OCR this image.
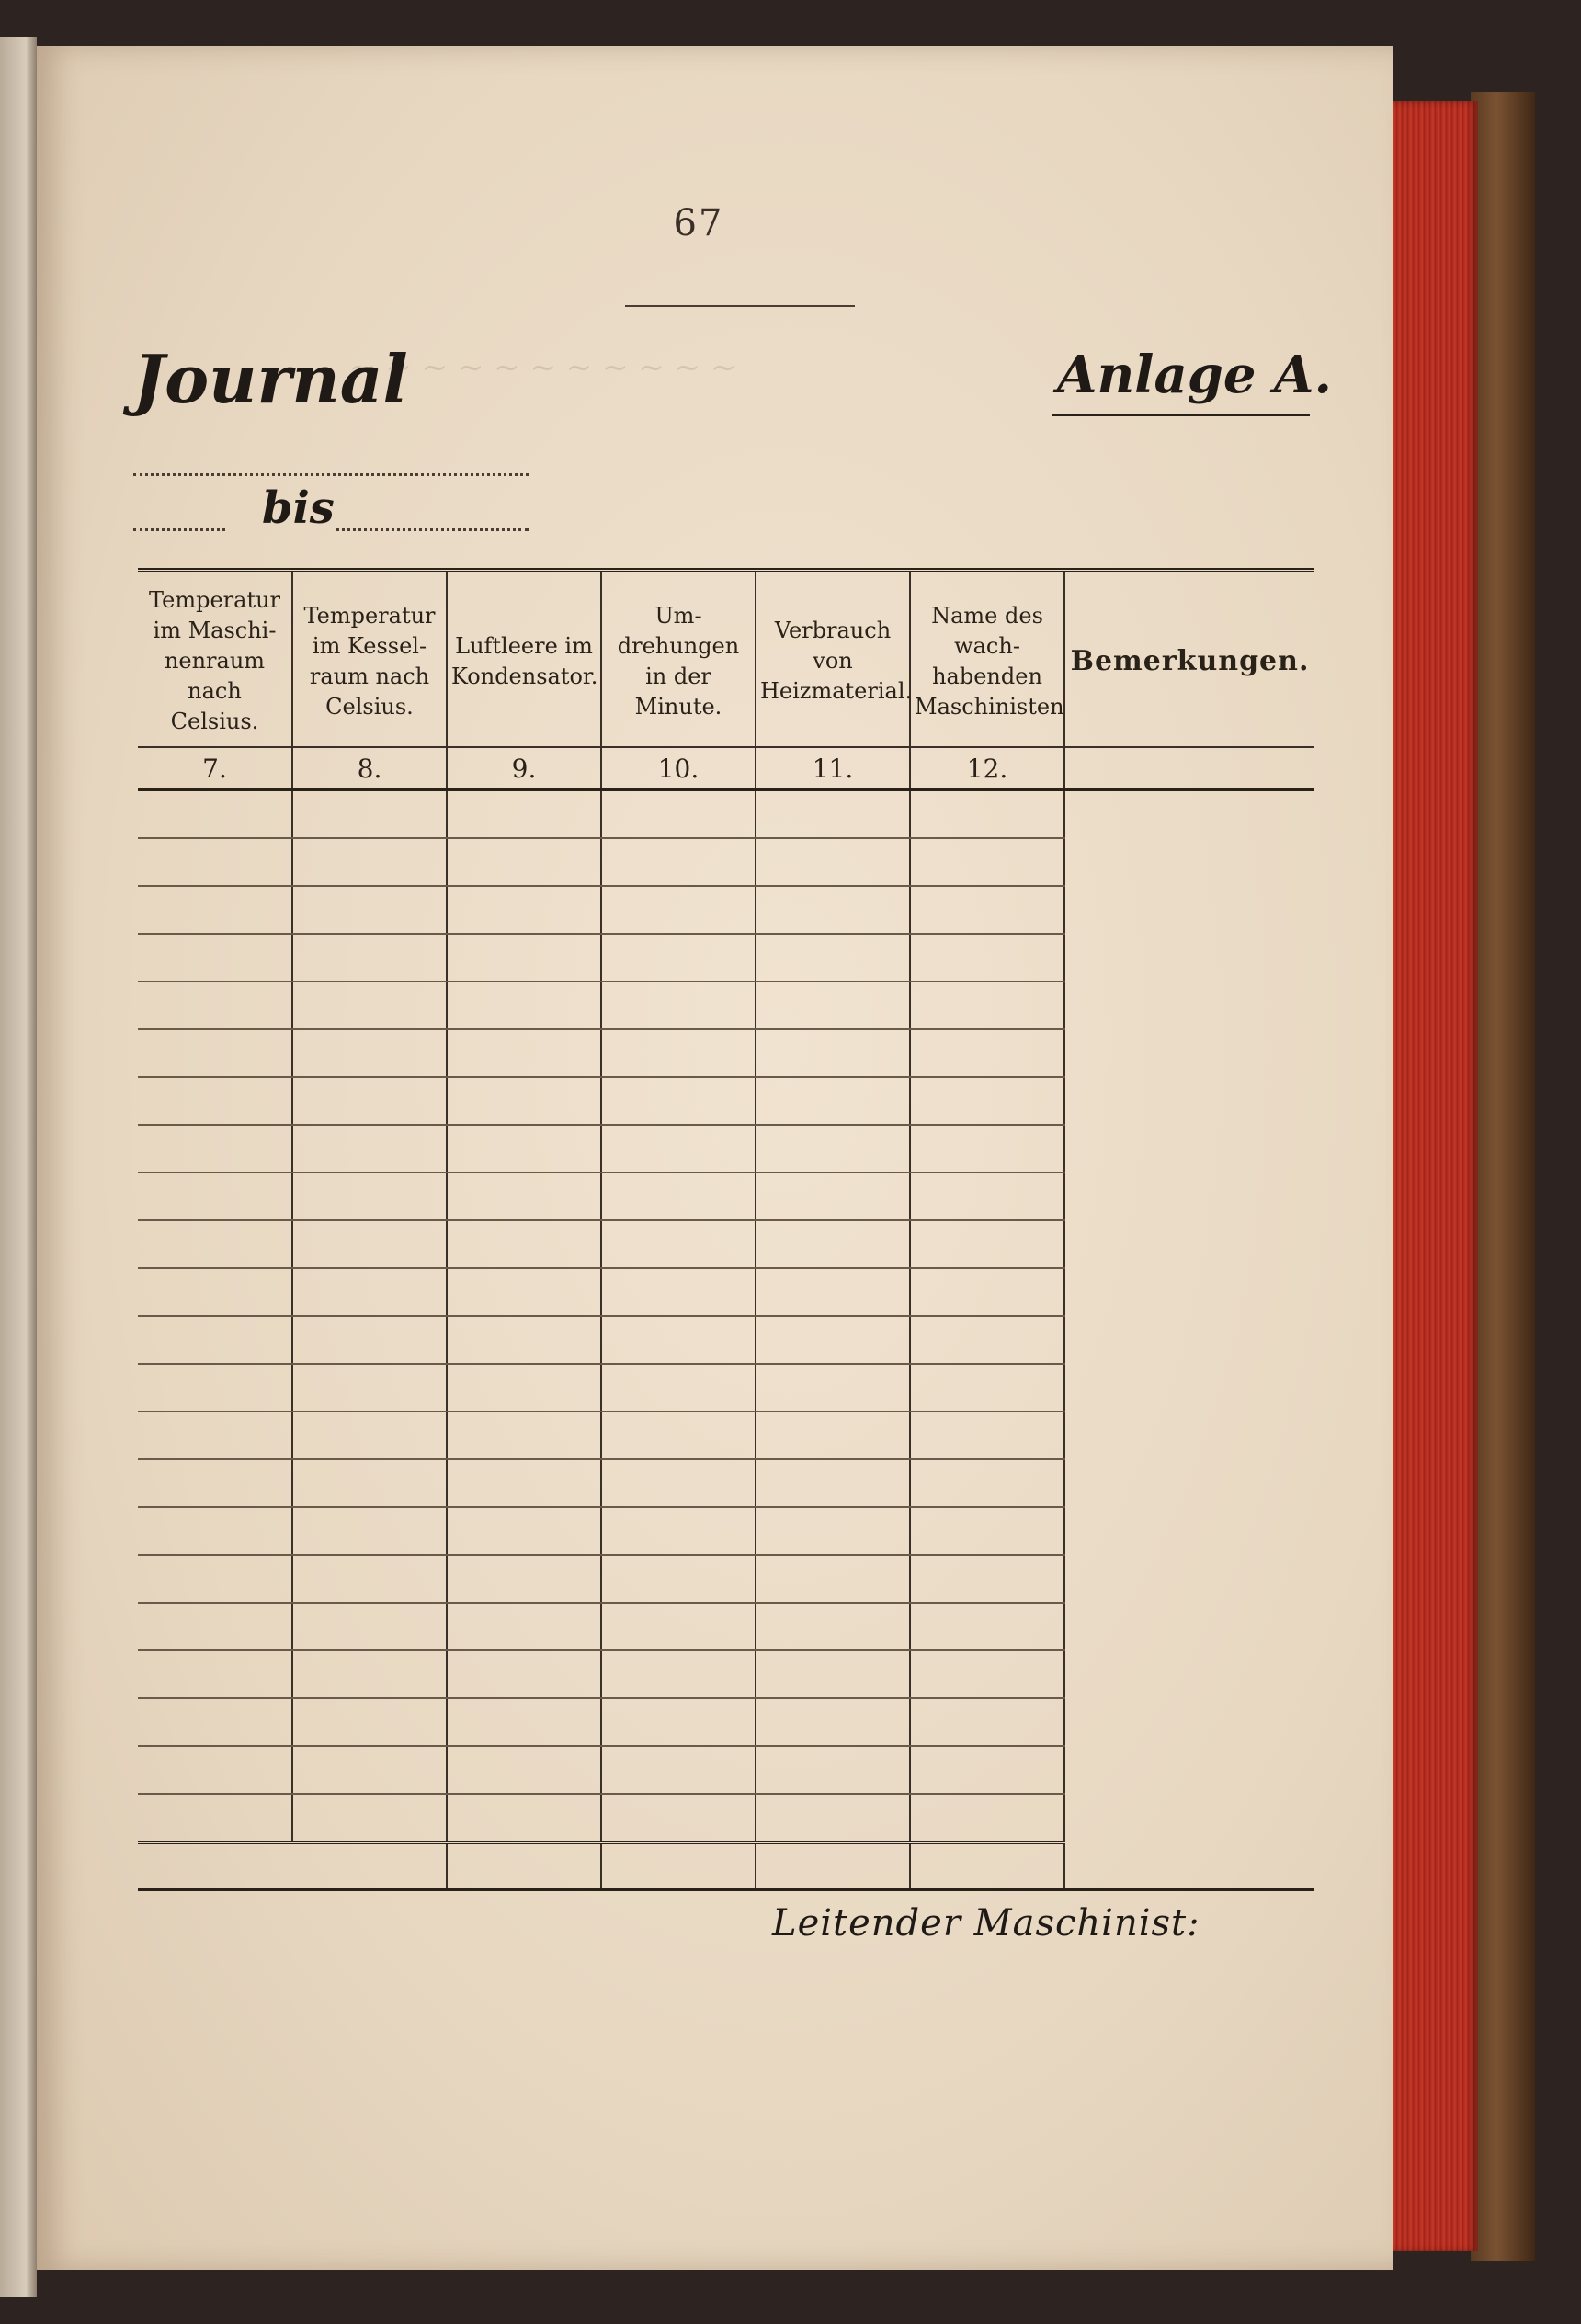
~ ~ ~ ~ ~ ~ ~ ~ ~ ~ ~
67
Journal
bis
Anlage A.
Temperatur im Maschinenraum nach Celsius.	Temperatur im Kesselraum nach Celsius.	Luftleere im Kondensator.	Umdrehungen in der Minute.	Verbrauch von Heizmaterial.	Name des wachhabenden Maschinisten	Bemerkungen.
7.	8.	9.	10.	11.	12.	

Leitender Maschinist:
